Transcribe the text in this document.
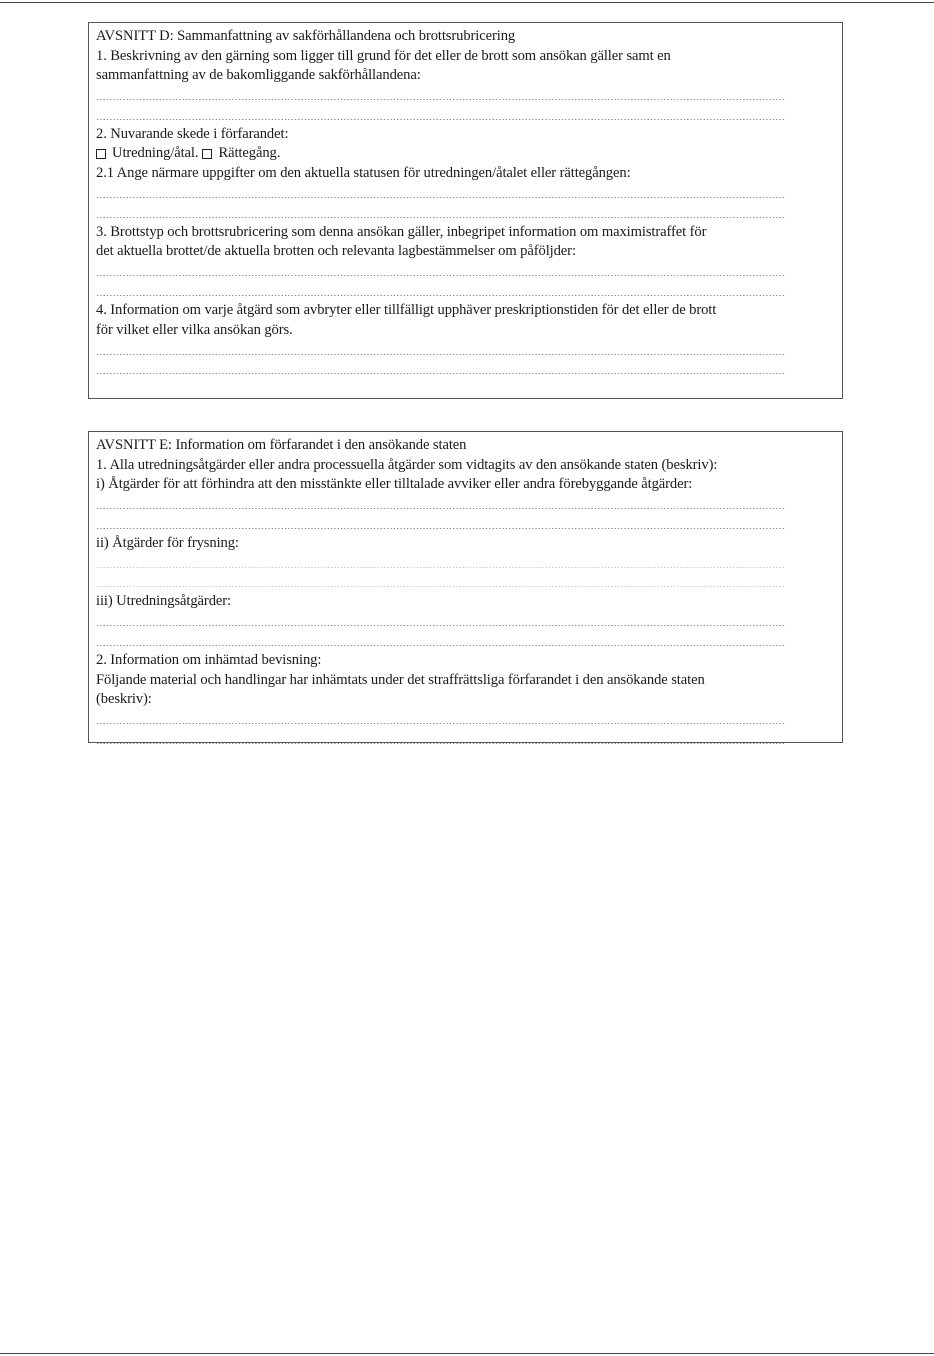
AVSNITT D: Sammanfattning av sakförhållandena och brottsrubricering
1. Beskrivning av den gärning som ligger till grund för det eller de brott som ansökan gäller samt en
sammanfattning av de bakomliggande sakförhållandena:
2. Nuvarande skede i förfarandet:
Utredning/åtal.
Rättegång.
2.1 Ange närmare uppgifter om den aktuella statusen för utredningen/åtalet eller rättegången:
3. Brottstyp och brottsrubricering som denna ansökan gäller, inbegripet information om maximistraffet för
det aktuella brottet/de aktuella brotten och relevanta lagbestämmelser om påföljder:
4. Information om varje åtgärd som avbryter eller tillfälligt upphäver preskriptionstiden för det eller de brott
för vilket eller vilka ansökan görs.
AVSNITT E: Information om förfarandet i den ansökande staten
1. Alla utredningsåtgärder eller andra processuella åtgärder som vidtagits av den ansökande staten (beskriv):
i) Åtgärder för att förhindra att den misstänkte eller tilltalade avviker eller andra förebyggande åtgärder:
ii) Åtgärder för frysning:
iii) Utredningsåtgärder:
2. Information om inhämtad bevisning:
Följande material och handlingar har inhämtats under det straffrättsliga förfarandet i den ansökande staten
(beskriv):
